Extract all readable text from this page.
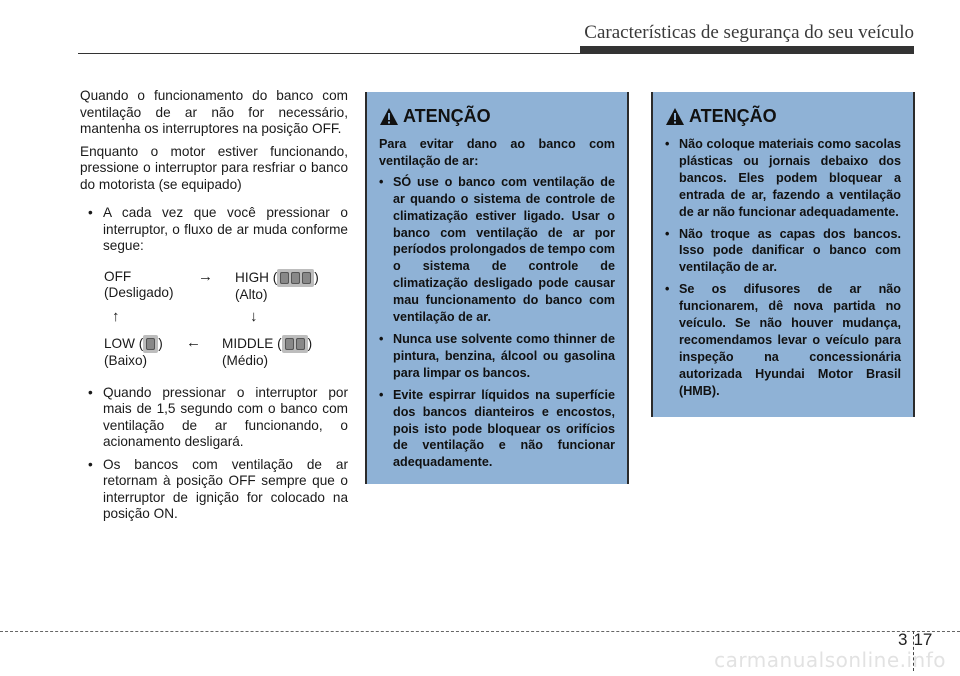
Características de segurança do seu veículo

Quando o funcionamento do banco com ventilação de ar não for necessário, mantenha os interruptores na posição OFF.

Enquanto o motor estiver funcionando, pressione o interruptor para resfriar o banco do motorista (se equipado)

• A cada vez que você pressionar o interruptor, o fluxo de ar muda conforme segue:
OFF
(Desligado)
→ HIGH (	)
(Alto)
↑	↓
LOW ( )
(Baixo)
← MIDDLE ( )
(Médio)
• Quando pressionar o interruptor por mais de 1,5 segundo com o banco com ventilação de ar funcionando, o acionamento desligará.
• Os bancos com ventilação de ar retornam à posição OFF sempre que o interruptor de ignição for colocado na posição ON.
ATENÇÃO

Para evitar dano ao banco com ventilação de ar:

• SÓ use o banco com ventilação de ar quando o sistema de controle de climatização estiver ligado. Usar o banco com ventilação de ar por períodos prolongados de tempo com o sistema de controle de climatização desligado pode causar mau funcionamento do banco com ventilação de ar.
• Nunca use solvente como thinner de pintura, benzina, álcool ou gasolina para limpar os bancos.
• Evite espirrar líquidos na superfície dos bancos dianteiros e encostos, pois isto pode bloquear os orifícios de ventilação e não funcionar adequadamente.
ATENÇÃO
• Não coloque materiais como sacolas plásticas ou jornais debaixo dos bancos. Eles podem bloquear a entrada de ar, fazendo a ventilação de ar não funcionar adequadamente.
• Não troque as capas dos bancos. Isso pode danificar o banco com ventilação de ar.
• Se os difusores de ar não funcionarem, dê nova partida no veículo. Se não houver mudança, recomendamos levar o veículo para inspeção na concessionária autorizada Hyundai Motor Brasil (HMB).
3 17
carmanualsonline.info
